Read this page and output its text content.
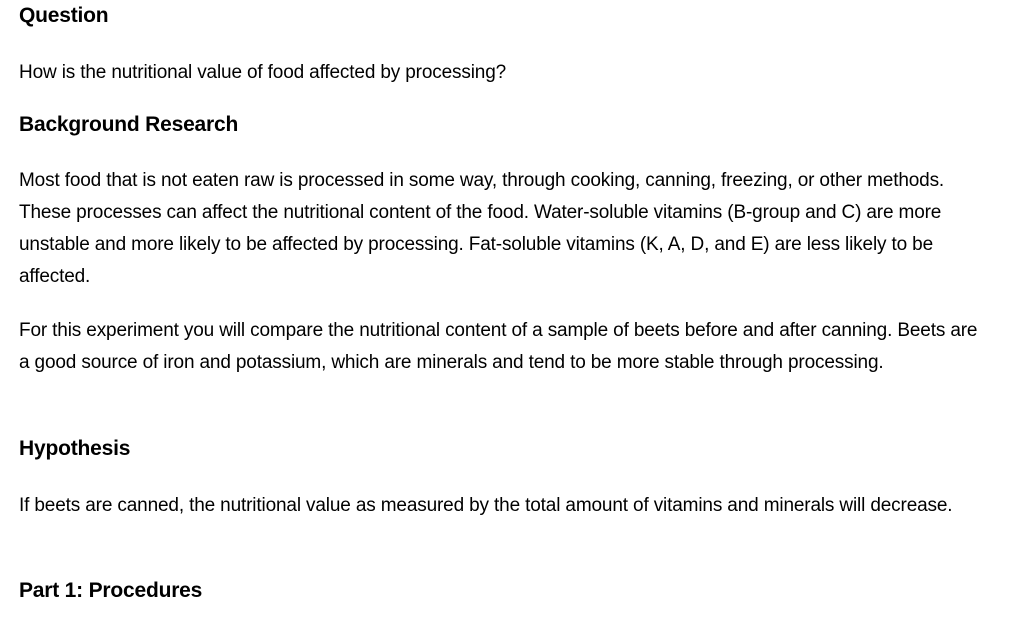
Question
How is the nutritional value of food affected by processing?
Background Research
Most food that is not eaten raw is processed in some way, through cooking, canning, freezing, or other methods. These processes can affect the nutritional content of the food. Water-soluble vitamins (B-group and C) are more unstable and more likely to be affected by processing. Fat-soluble vitamins (K, A, D, and E) are less likely to be affected.
For this experiment you will compare the nutritional content of a sample of beets before and after canning. Beets are a good source of iron and potassium, which are minerals and tend to be more stable through processing.
Hypothesis
If beets are canned, the nutritional value as measured by the total amount of vitamins and minerals will decrease.
Part 1: Procedures
